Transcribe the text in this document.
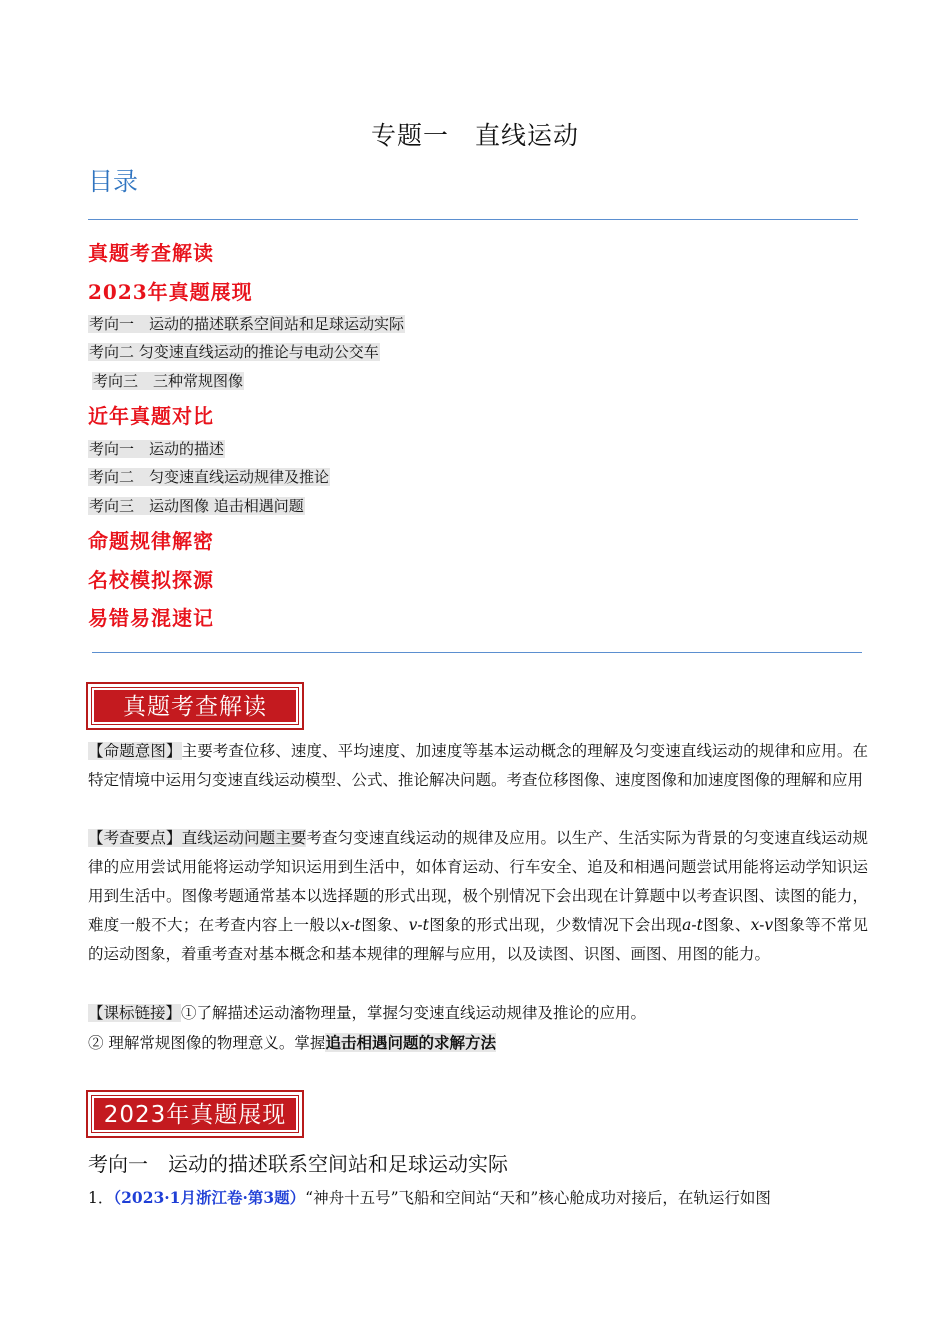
专题一　直线运动
目录
真题考查解读
2023年真题展现
考向一　运动的描述联系空间站和足球运动实际
考向二 匀变速直线运动的推论与电动公交车
考向三　三种常规图像
近年真题对比
考向一　运动的描述
考向二　匀变速直线运动规律及推论
考向三　运动图像 追击相遇问题
命题规律解密
名校模拟探源
易错易混速记
真题考查解读
【命题意图】主要考查位移、速度、平均速度、加速度等基本运动概念的理解及匀变速直线运动的规律和应用。在特定情境中运用匀变速直线运动模型、公式、推论解决问题。考查位移图像、速度图像和加速度图像的理解和应用
【考查要点】直线运动问题主要考查匀变速直线运动的规律及应用。以生产、生活实际为背景的匀变速直线运动规律的应用尝试用能将运动学知识运用到生活中，如体育运动、行车安全、追及和相遇问题尝试用能将运动学知识运用到生活中。图像考题通常基本以选择题的形式出现，极个别情况下会出现在计算题中以考查识图、读图的能力，难度一般不大；在考查内容上一般以x-t图象、v-t图象的形式出现，少数情况下会出现a-t图象、x-v图象等不常见的运动图象，着重考查对基本概念和基本规律的理解与应用，以及读图、识图、画图、用图的能力。
【课标链接】①了解描述运动滀物理量，掌握匀变速直线运动规律及推论的应用。
② 理解常规图像的物理意义。掌握追击相遇问题的求解方法
2023年真题展现
考向一　运动的描述联系空间站和足球运动实际
1．（2023·1月浙江卷·第3题）“神舟十五号”飞船和空间站“天和”核心舱成功对接后，在轨运行如图
